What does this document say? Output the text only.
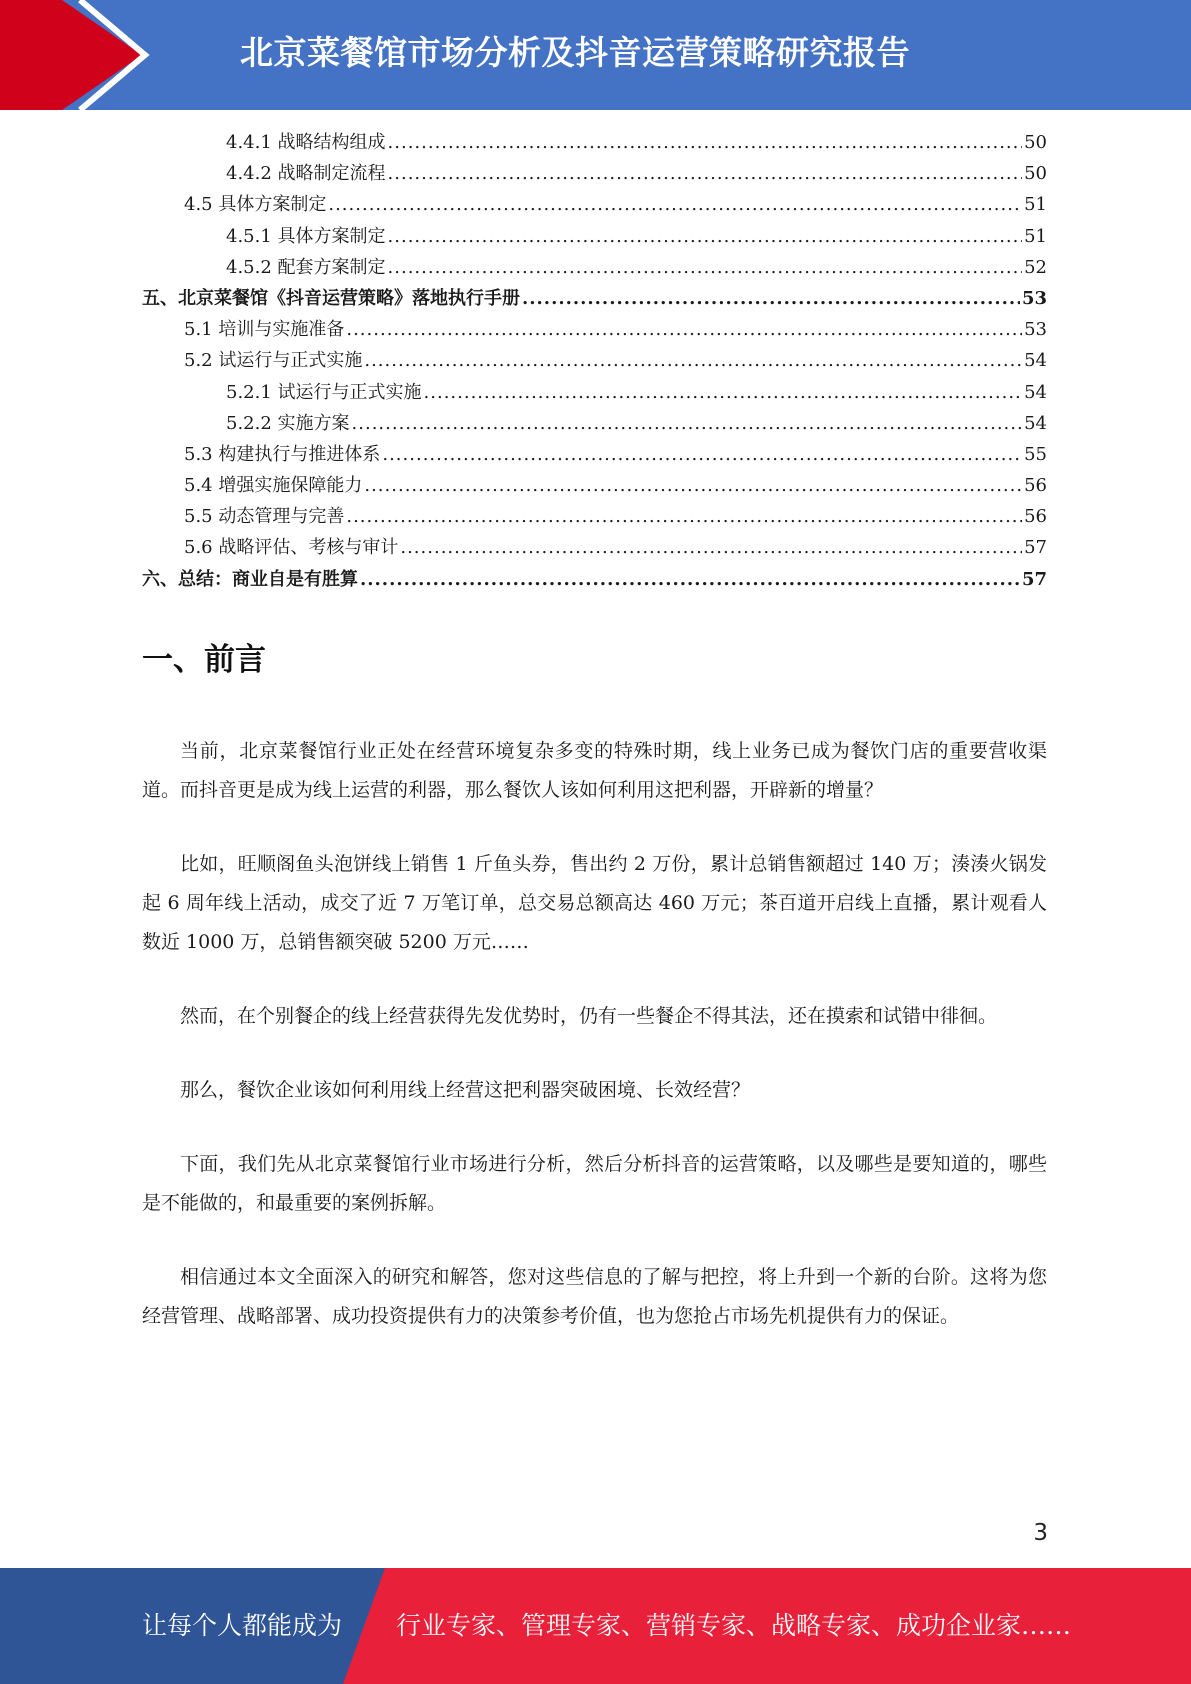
北京菜餐馆市场分析及抖音运营策略研究报告
4.4.1 战略结构组成 .....	50
4.4.2 战略制定流程 .....	50
4.5 具体方案制定 .....	51
4.5.1 具体方案制定 .....	51
4.5.2 配套方案制定 .....	52
五、北京菜餐馆《抖音运营策略》落地执行手册 .....	53
5.1 培训与实施准备 .....	53
5.2 试运行与正式实施 .....	54
5.2.1 试运行与正式实施 .....	54
5.2.2 实施方案 .....	54
5.3 构建执行与推进体系 .....	55
5.4 增强实施保障能力 .....	56
5.5 动态管理与完善 .....	56
5.6 战略评估、考核与审计 .....	57
六、总结：商业自是有胜算 .....	57
一、前言

当前，北京菜餐馆行业正处在经营环境复杂多变的特殊时期，线上业务已成为餐饮门店的重要营收渠道。而抖音更是成为线上运营的利器，那么餐饮人该如何利用这把利器，开辟新的增量？

比如，旺顺阁鱼头泡饼线上销售 1 斤鱼头券，售出约 2 万份，累计总销售额超过 140 万；湊湊火锅发起 6 周年线上活动，成交了近 7 万笔订单，总交易总额高达 460 万元；茶百道开启线上直播，累计观看人数近 1000 万，总销售额突破 5200 万元……

然而，在个别餐企的线上经营获得先发优势时，仍有一些餐企不得其法，还在摸索和试错中徘徊。

那么，餐饮企业该如何利用线上经营这把利器突破困境、长效经营？

下面，我们先从北京菜餐馆行业市场进行分析，然后分析抖音的运营策略，以及哪些是要知道的，哪些是不能做的，和最重要的案例拆解。

相信通过本文全面深入的研究和解答，您对这些信息的了解与把控，将上升到一个新的台阶。这将为您经营管理、战略部署、成功投资提供有力的决策参考价值，也为您抢占市场先机提供有力的保证。

3
让每个人都能成为 行业专家、管理专家、营销专家、战略专家、成功企业家……
